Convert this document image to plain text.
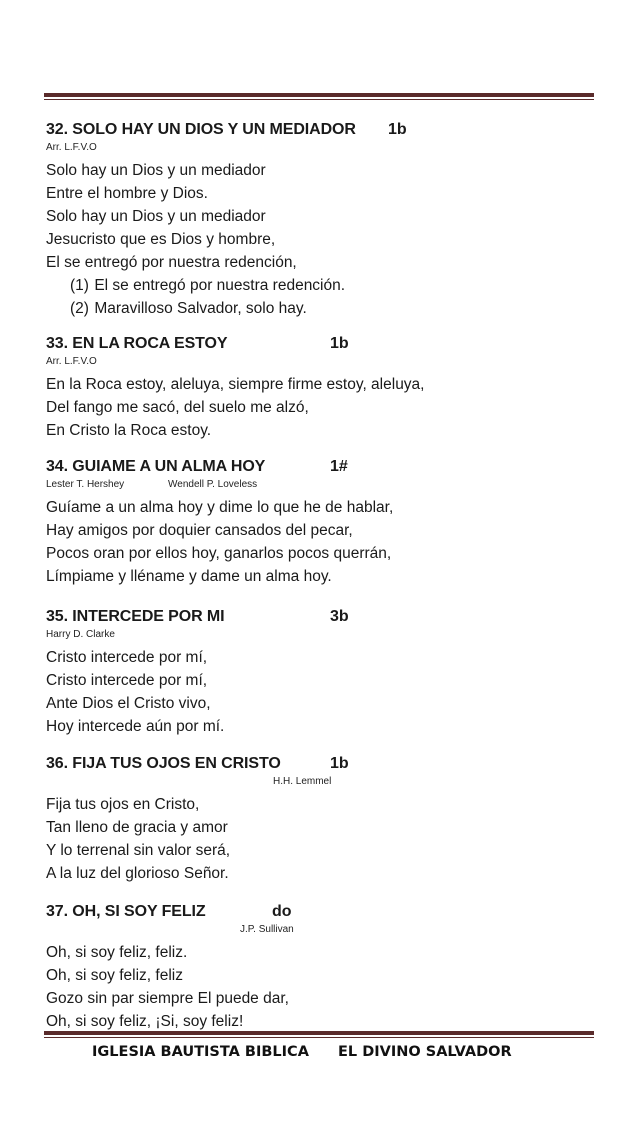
32. SOLO HAY UN DIOS Y UN MEDIADOR 1b
Arr. L.F.V.O
Solo hay un Dios y un mediador
Entre el hombre y Dios.
Solo hay un Dios y un mediador
Jesucristo que es Dios y hombre,
El se entregó por nuestra redención,
(1) El se entregó por nuestra redención.
(2) Maravilloso Salvador, solo hay.
33. EN LA ROCA ESTOY	1b
Arr. L.F.V.O
En la Roca estoy, aleluya, siempre firme estoy, aleluya,
Del fango me sacó, del suelo me alzó,
En Cristo la Roca estoy.
34. GUIAME A UN ALMA HOY	1#
Lester T. Hershey	Wendell P. Loveless
Guíame a un alma hoy y dime lo que he de hablar,
Hay amigos por doquier cansados del pecar,
Pocos oran por ellos hoy, ganarlos pocos querrán,
Límpiame y lléname y dame un alma hoy.
35. INTERCEDE POR MI	3b
Harry D. Clarke
Cristo intercede por mí,
Cristo intercede por mí,
Ante Dios el Cristo vivo,
Hoy intercede aún por mí.
36. FIJA TUS OJOS EN CRISTO	1b
H.H. Lemmel
Fija tus ojos en Cristo,
Tan lleno de gracia y amor
Y lo terrenal sin valor será,
A la luz del glorioso Señor.
37. OH, SI SOY FELIZ	do
J.P. Sullivan
Oh, si soy feliz, feliz.
Oh, si soy feliz, feliz
Gozo sin par siempre El puede dar,
Oh, si soy feliz, ¡Si, soy feliz!
IGLESIA BAUTISTA BIBLICA EL DIVINO SALVADOR
